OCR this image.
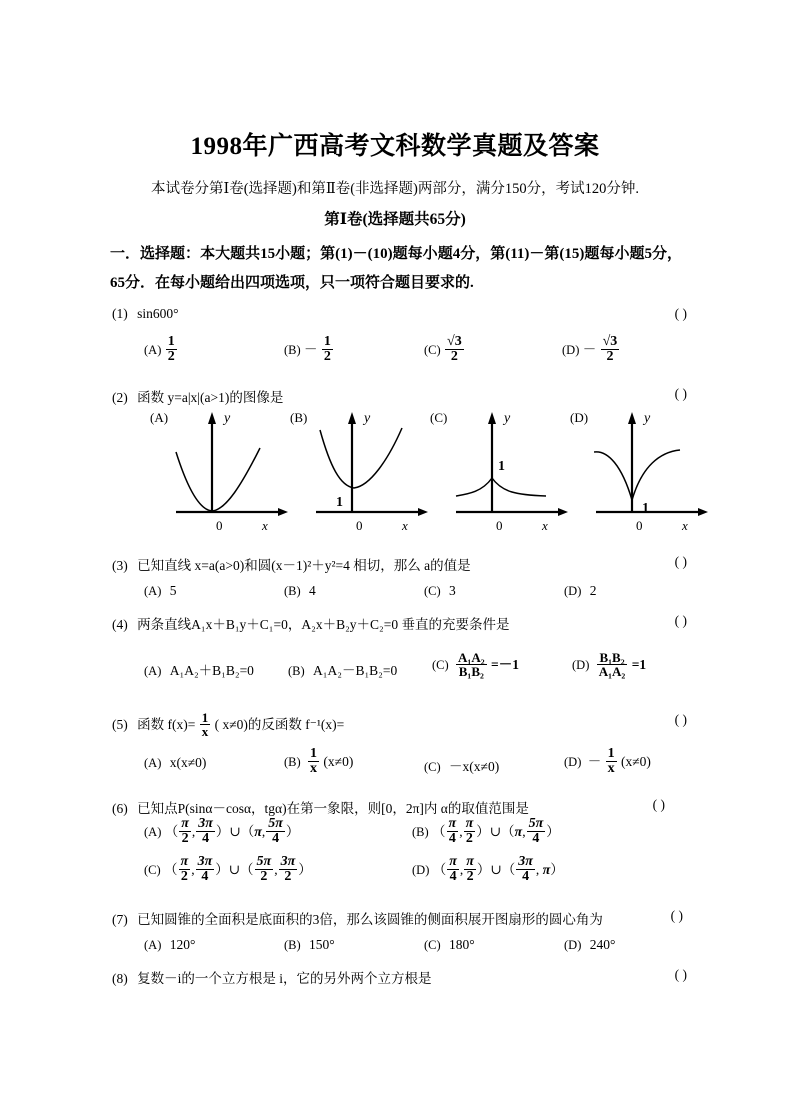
1998年广西高考文科数学真题及答案
本试卷分第Ⅰ卷(选择题)和第Ⅱ卷(非选择题)两部分，满分150分，考试120分钟.
第Ⅰ卷(选择题共65分)
一．选择题：本大题共15小题；第(1)－(10)题每小题4分，第(11)－第(15)题每小题5分，65分．在每小题给出四项选项，只一项符合题目要求的.
(1) sin600°	( )
$(A) \frac{1}{2}$	$(B) - \frac{1}{2}$	$(C) \frac{√3}{2}$	$(D) - \frac{√3}{2}$
(2) 函数 y=a|x|(a>1)的图像是	( )
(A)	y
0	x
(B)	y
1
0	x
(C)	y
1
0	x
(D)	y
1
0	x
(3) 已知直线 x=a(a>0)和圆(x－1)²＋y²=4 相切，那么 a的值是	( )
(A) 5	(B) 4	(C) 3	(D) 2
(4) 两条直线A₁x＋B₁y＋C₁=0，A₂x＋B₂y＋C₂=0 垂直的充要条件是	( )
(A) A₁A₂＋B₁B₂=0	(B) A₁A₂－B₁B₂=0	$(C) \frac{\text{A₁A₂}}{\text{B₁B₂}} =-1$	$(D) \frac{\text{B₁B₂}}{\text{A₁A₂}} =1$
(5) 函数 $f(x)= \frac{1}{x}$ ( x≠0)的反函数 f⁻¹(x)=	( )
(A) x(x≠0)	$(B) \frac{1}{x} (x\ne 0)$	(C) －x(x≠0)	$(D) - \frac{1}{x} (x\ne 0)$
(6) 已知点P(sinα－cosα，tgα)在第一象限，则[0，2π]内 α的取值范围是	( )
(A) （ $\frac{\pi}{2}$ , $\frac{3\pi}{4}$ ）∪（π, $\frac{5\pi}{4}$ ）	(B) （ $\frac{\pi}{4}$ , $\frac{\pi}{2}$ ）∪（π, $\frac{5\pi}{4}$ ）
(C) （ $\frac{\pi}{2}$ , $\frac{3\pi}{4}$ ）∪（ $\frac{5\pi}{2}$ , $\frac{3\pi}{2}$ ）	(D) （ $\frac{\pi}{4}$ , $\frac{\pi}{2}$ ）∪（ $\frac{3\pi}{4}$ , π）
(7) 已知圆锥的全面积是底面积的3倍，那么该圆锥的侧面积展开图扇形的圆心角为	( )
(A) 120°	(B) 150°	(C) 180°	(D) 240°
(8) 复数－i的一个立方根是 i，它的另外两个立方根是	( )
